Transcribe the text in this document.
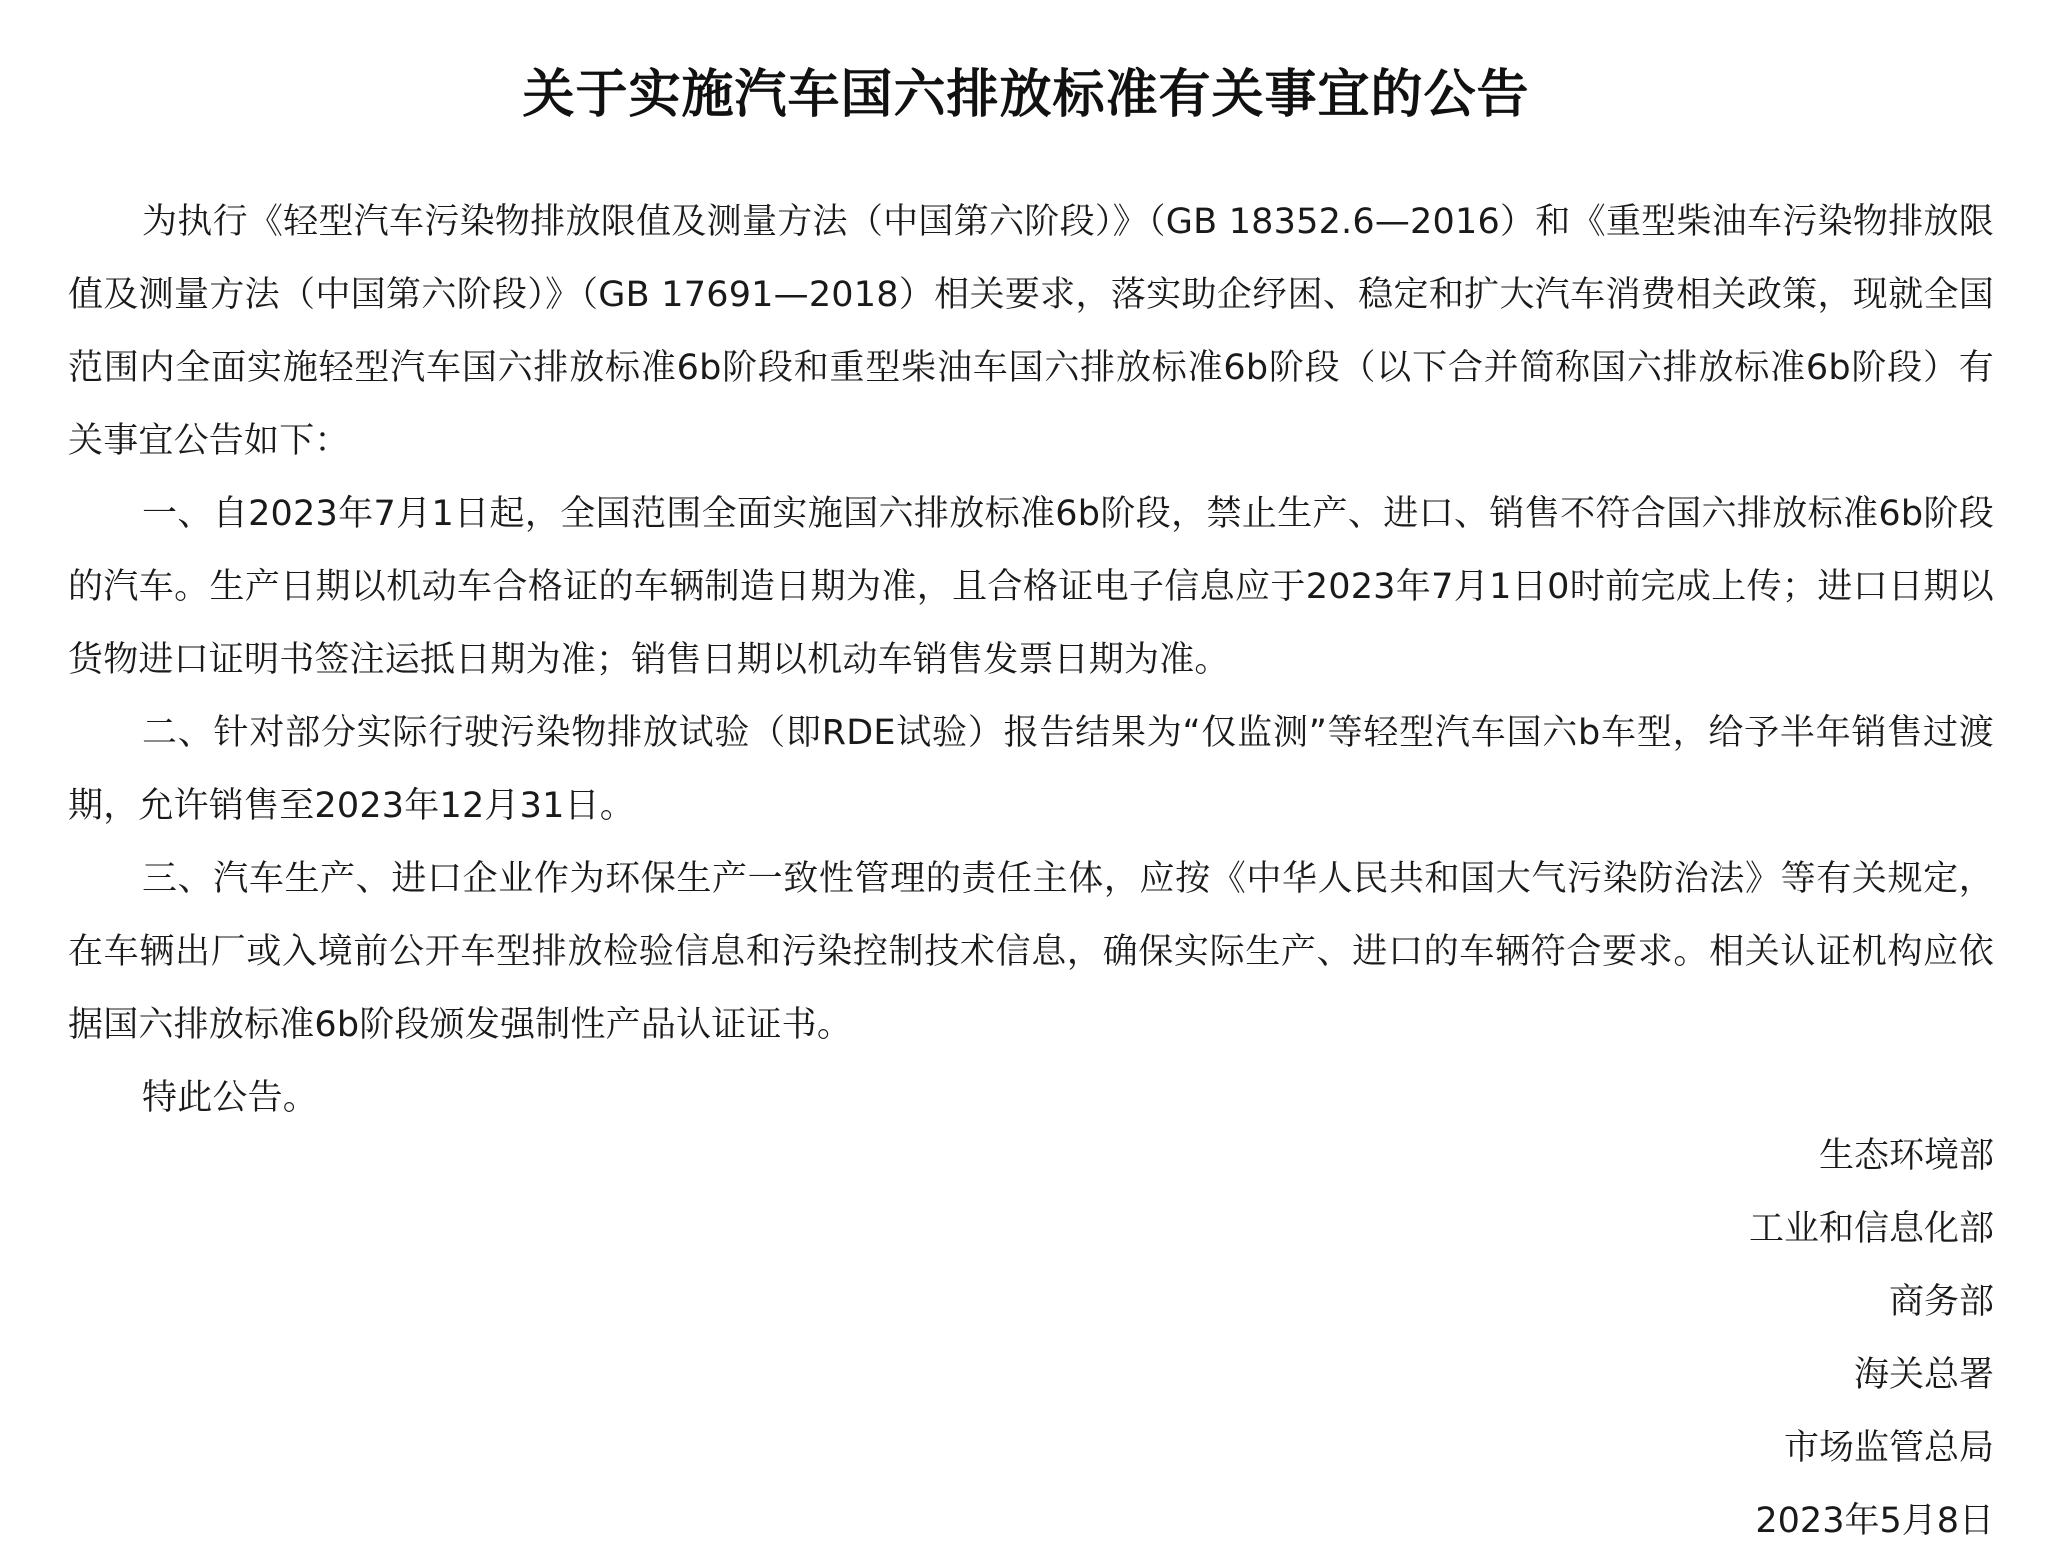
关于实施汽车国六排放标准有关事宜的公告

为执行《轻型汽车污染物排放限值及测量方法（中国第六阶段）》（GB 18352.6—2016）和《重型柴油车污染物排放限值及测量方法（中国第六阶段）》（GB 17691—2018）相关要求，落实助企纾困、稳定和扩大汽车消费相关政策，现就全国范围内全面实施轻型汽车国六排放标准6b阶段和重型柴油车国六排放标准6b阶段（以下合并简称国六排放标准6b阶段）有关事宜公告如下：

一、自2023年7月1日起，全国范围全面实施国六排放标准6b阶段，禁止生产、进口、销售不符合国六排放标准6b阶段的汽车。生产日期以机动车合格证的车辆制造日期为准，且合格证电子信息应于2023年7月1日0时前完成上传；进口日期以货物进口证明书签注运抵日期为准；销售日期以机动车销售发票日期为准。

二、针对部分实际行驶污染物排放试验（即RDE试验）报告结果为“仅监测”等轻型汽车国六b车型，给予半年销售过渡期，允许销售至2023年12月31日。

三、汽车生产、进口企业作为环保生产一致性管理的责任主体，应按《中华人民共和国大气污染防治法》等有关规定，在车辆出厂或入境前公开车型排放检验信息和污染控制技术信息，确保实际生产、进口的车辆符合要求。相关认证机构应依据国六排放标准6b阶段颁发强制性产品认证证书。

特此公告。

生态环境部
工业和信息化部
商务部
海关总署
市场监管总局
2023年5月8日
